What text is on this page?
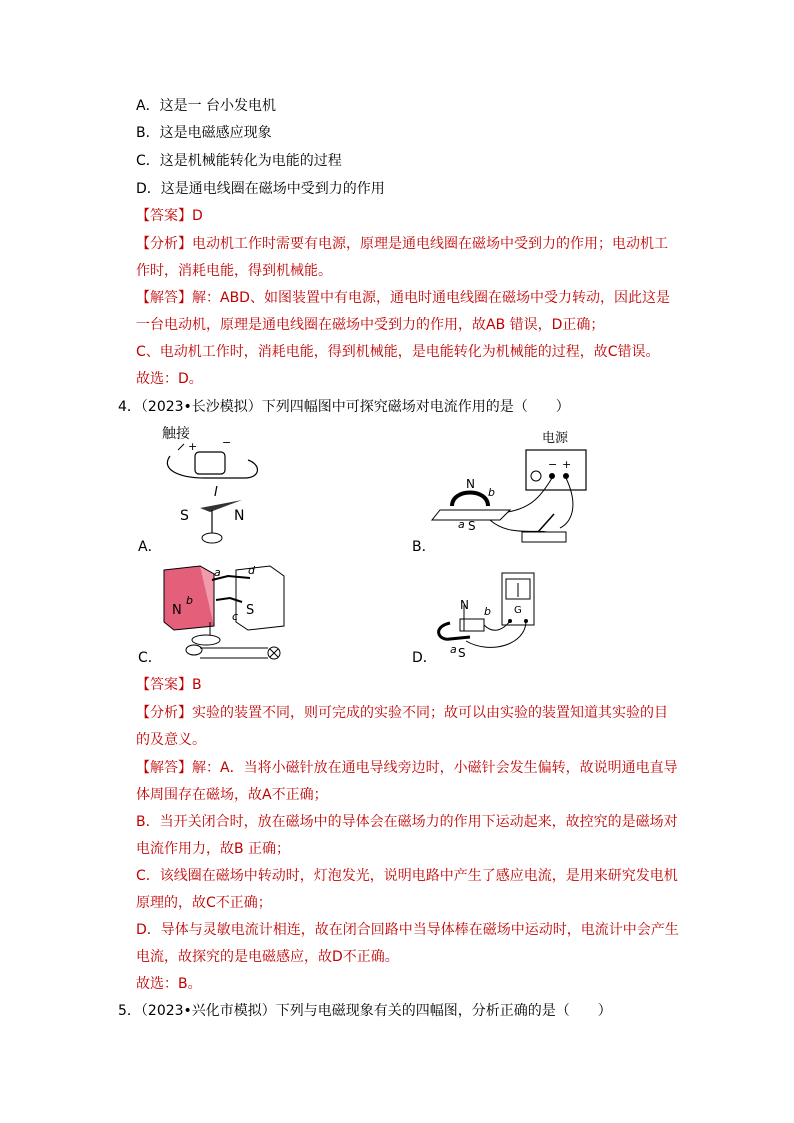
A．这是一 台小发电机
B．这是电磁感应现象
C．这是机械能转化为电能的过程
D．这是通电线圈在磁场中受到力的作用
【答案】D
【分析】电动机工作时需要有电源，原理是通电线圈在磁场中受到力的作用；电动机工
作时，消耗电能，得到机械能。
【解答】解：ABD、如图装置中有电源，通电时通电线圈在磁场中受力转动，因此这是
一台电动机，原理是通电线圈在磁场中受到力的作用，故AB 错误，D正确；
C、电动机工作时，消耗电能，得到机械能，是电能转化为机械能的过程，故C错误。
故选：D。
4．（2023•长沙模拟）下列四幅图中可探究磁场对电流作用的是（　　）
触接
+ −
I
S	N
A．
电源
− +
N
S
a
b
B．
N	S
a d
b
c
C．
G
N
S
a
b
D．
【答案】B
【分析】实验的装置不同，则可完成的实验不同；故可以由实验的装置知道其实验的目
的及意义。
【解答】解：A．当将小磁针放在通电导线旁边时，小磁针会发生偏转，故说明通电直导
体周围存在磁场，故A不正确；
B．当开关闭合时，放在磁场中的导体会在磁场力的作用下运动起来，故控究的是磁场对
电流作用力，故B 正确；
C．该线圈在磁场中转动时，灯泡发光，说明电路中产生了感应电流，是用来研究发电机
原理的，故C不正确；
D．导体与灵敏电流计相连，故在闭合回路中当导体棒在磁场中运动时，电流计中会产生
电流，故探究的是电磁感应，故D不正确。
故选：B。
5．（2023•兴化市模拟）下列与电磁现象有关的四幅图，分析正确的是（　　）
